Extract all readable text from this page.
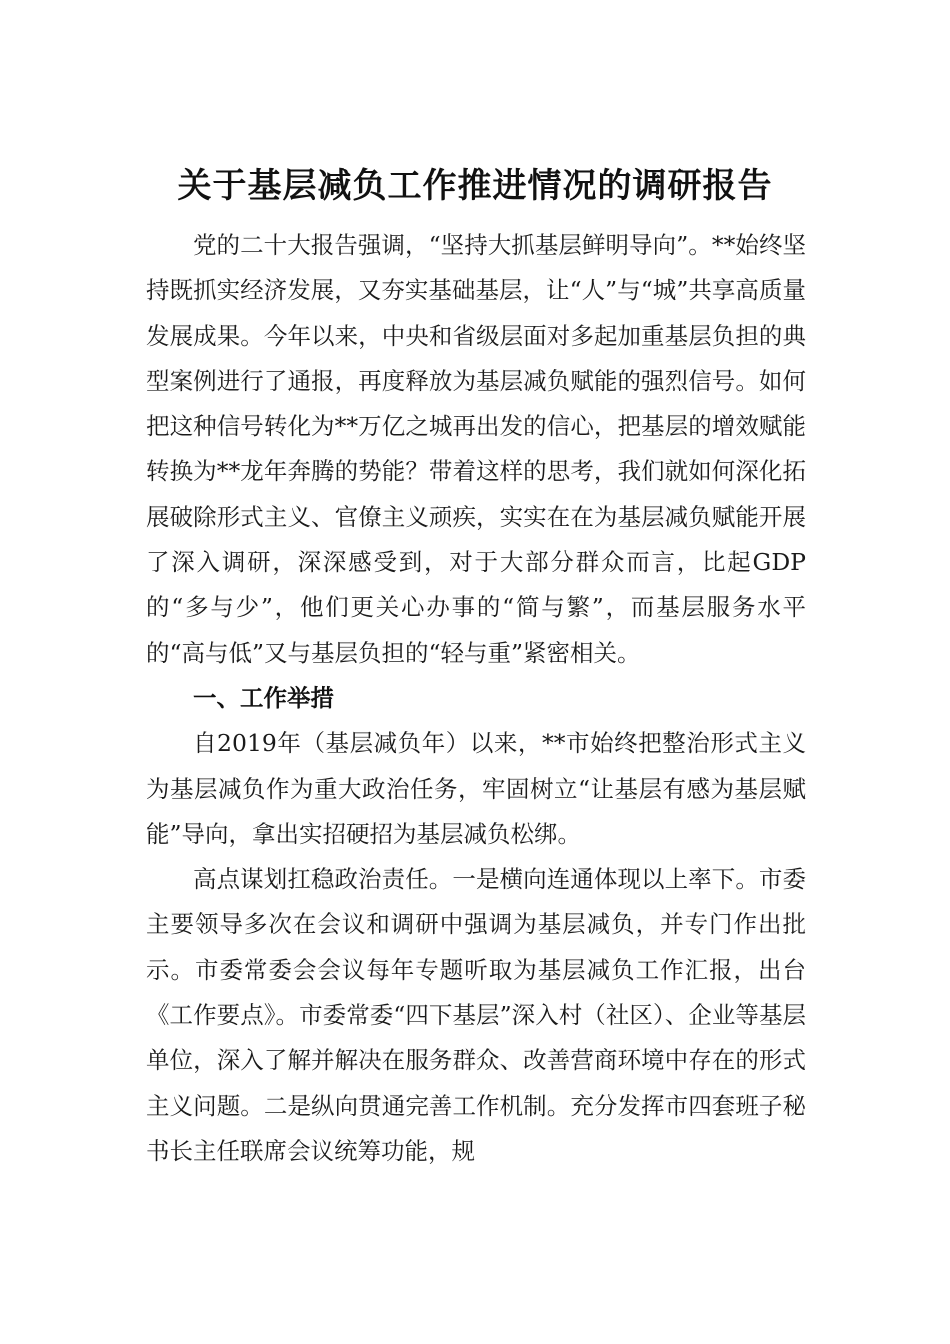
关于基层减负工作推进情况的调研报告

党的二十大报告强调，“坚持大抓基层鲜明导向”。**始终坚持既抓实经济发展，又夯实基础基层，让“人”与“城”共享高质量发展成果。今年以来，中央和省级层面对多起加重基层负担的典型案例进行了通报，再度释放为基层减负赋能的强烈信号。如何把这种信号转化为**万亿之城再出发的信心，把基层的增效赋能转换为**龙年奔腾的势能？带着这样的思考，我们就如何深化拓展破除形式主义、官僚主义顽疾，实实在在为基层减负赋能开展了深入调研，深深感受到，对于大部分群众而言，比起GDP的“多与少”，他们更关心办事的“简与繁”，而基层服务水平的“高与低”又与基层负担的“轻与重”紧密相关。

一、工作举措

自2019年（基层减负年）以来，**市始终把整治形式主义为基层减负作为重大政治任务，牢固树立“让基层有感为基层赋能”导向，拿出实招硬招为基层减负松绑。

高点谋划扛稳政治责任。一是横向连通体现以上率下。市委主要领导多次在会议和调研中强调为基层减负，并专门作出批示。市委常委会会议每年专题听取为基层减负工作汇报，出台《工作要点》。市委常委“四下基层”深入村（社区）、企业等基层单位，深入了解并解决在服务群众、改善营商环境中存在的形式主义问题。二是纵向贯通完善工作机制。充分发挥市四套班子秘书长主任联席会议统筹功能，规
